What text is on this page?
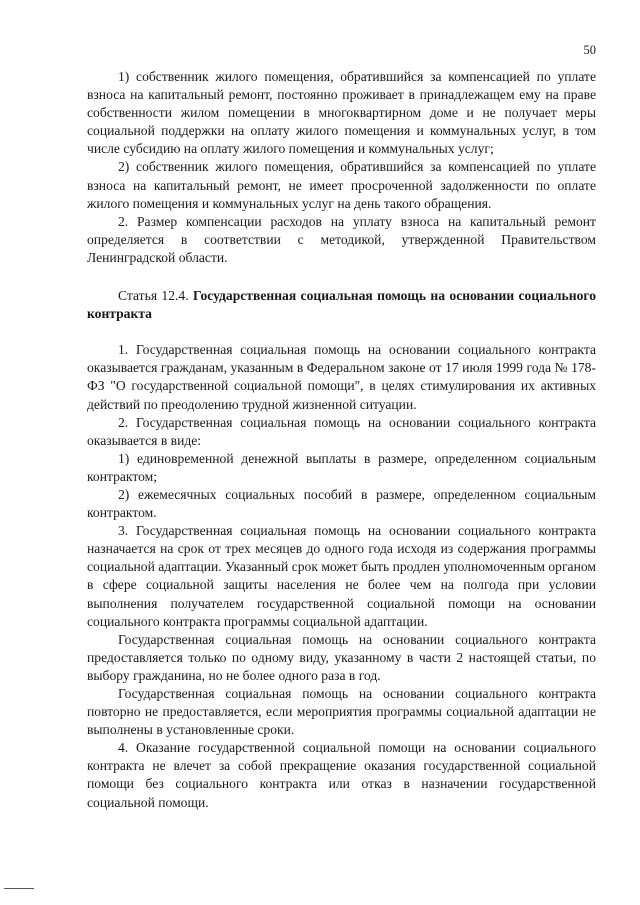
50

1) собственник жилого помещения, обратившийся за компенсацией по уплате взноса на капитальный ремонт, постоянно проживает в принадлежащем ему на праве собственности жилом помещении в многоквартирном доме и не получает меры социальной поддержки на оплату жилого помещения и коммунальных услуг, в том числе субсидию на оплату жилого помещения и коммунальных услуг;

2) собственник жилого помещения, обратившийся за компенсацией по уплате взноса на капитальный ремонт, не имеет просроченной задолженности по оплате жилого помещения и коммунальных услуг на день такого обращения.

2. Размер компенсации расходов на уплату взноса на капитальный ремонт определяется в соответствии с методикой, утвержденной Правительством Ленинградской области.

Статья 12.4. Государственная социальная помощь на основании социального контракта

1. Государственная социальная помощь на основании социального контракта оказывается гражданам, указанным в Федеральном законе от 17 июля 1999 года № 178-ФЗ "О государственной социальной помощи", в целях стимулирования их активных действий по преодолению трудной жизненной ситуации.

2. Государственная социальная помощь на основании социального контракта оказывается в виде:

1) единовременной денежной выплаты в размере, определенном социальным контрактом;

2) ежемесячных социальных пособий в размере, определенном социальным контрактом.

3. Государственная социальная помощь на основании социального контракта назначается на срок от трех месяцев до одного года исходя из содержания программы социальной адаптации. Указанный срок может быть продлен уполномоченным органом в сфере социальной защиты населения не более чем на полгода при условии выполнения получателем государственной социальной помощи на основании социального контракта программы социальной адаптации.

Государственная социальная помощь на основании социального контракта предоставляется только по одному виду, указанному в части 2 настоящей статьи, по выбору гражданина, но не более одного раза в год.

Государственная социальная помощь на основании социального контракта повторно не предоставляется, если мероприятия программы социальной адаптации не выполнены в установленные сроки.

4. Оказание государственной социальной помощи на основании социального контракта не влечет за собой прекращение оказания государственной социальной помощи без социального контракта или отказ в назначении государственной социальной помощи.
